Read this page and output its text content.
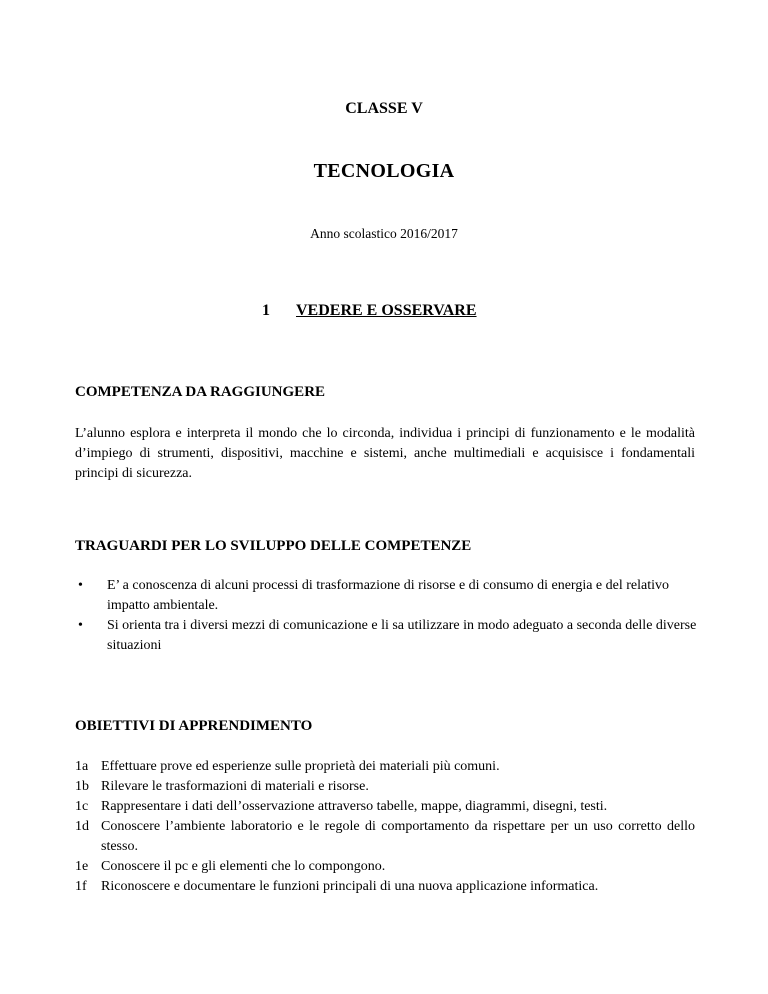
CLASSE V
TECNOLOGIA
Anno scolastico 2016/2017
1 VEDERE E OSSERVARE
COMPETENZA DA RAGGIUNGERE
L’alunno esplora e interpreta il mondo che lo circonda, individua i principi di funzionamento e le modalità d’impiego di strumenti, dispositivi, macchine e sistemi, anche multimediali e acquisisce i fondamentali principi di sicurezza.
TRAGUARDI PER LO SVILUPPO DELLE COMPETENZE
• E’ a conoscenza di alcuni processi di trasformazione di risorse e di consumo di energia e del relativo impatto ambientale.
• Si orienta tra i diversi mezzi di comunicazione e li sa utilizzare in modo adeguato a seconda delle diverse situazioni
OBIETTIVI DI APPRENDIMENTO
1a Effettuare prove ed esperienze sulle proprietà dei materiali più comuni.
1b Rilevare le trasformazioni di materiali e risorse.
1c Rappresentare i dati dell’osservazione attraverso tabelle, mappe, diagrammi, disegni, testi.
1d Conoscere l’ambiente laboratorio e le regole di comportamento da rispettare per un uso corretto dello stesso.
1e Conoscere il pc e gli elementi che lo compongono.
1f Riconoscere e documentare le funzioni principali di una nuova applicazione informatica.
